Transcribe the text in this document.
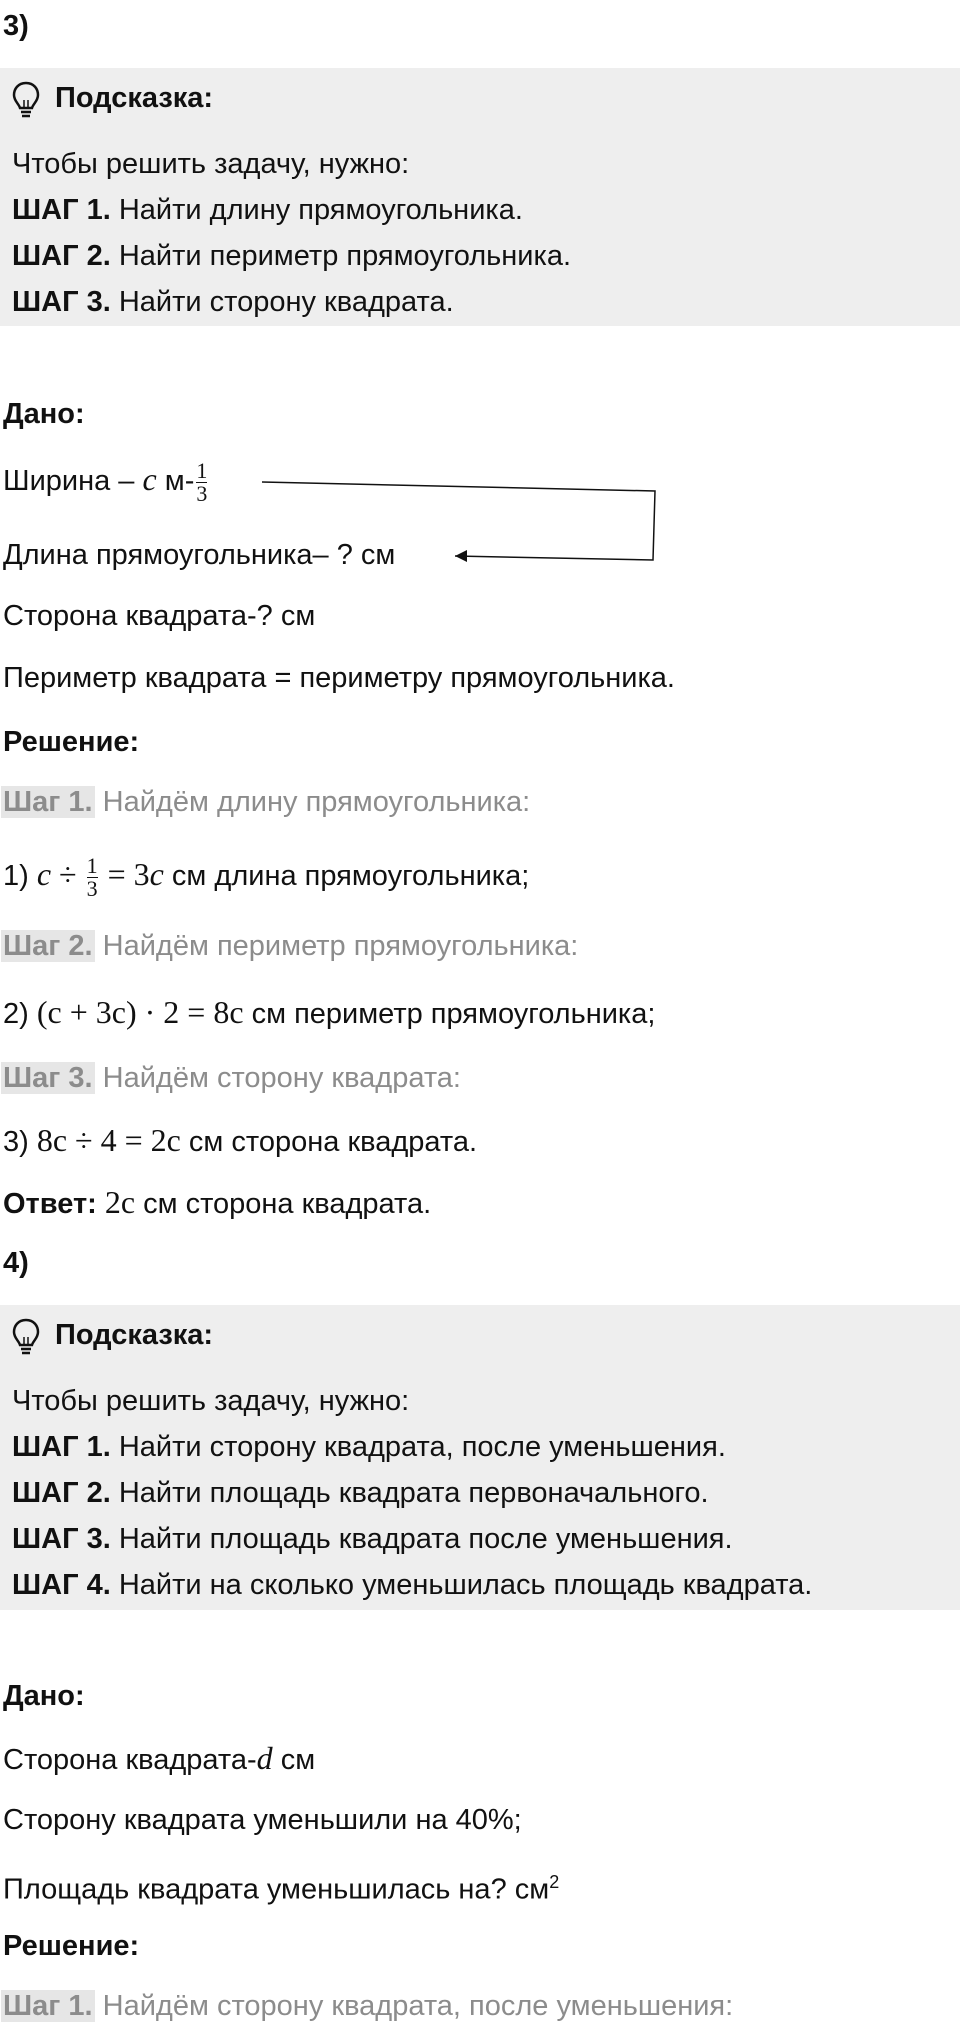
3)
Подсказка:
Чтобы решить задачу, нужно:
ШАГ 1. Найти длину прямоугольника.
ШАГ 2. Найти периметр прямоугольника.
ШАГ 3. Найти сторону квадрата.
Дано:
Ширина – c $м- \frac{1}{3}$
Длина прямоугольника– ? см
Сторона квадрата-? см
Периметр квадрата = периметру прямоугольника.
Решение:
Шаг 1. Найдём длину прямоугольника:
1) $c \div \frac{1}{3} = 3c$ см длина прямоугольника;
Шаг 2. Найдём периметр прямоугольника:
2) (c + 3c) · 2 = 8c см периметр прямоугольника;
Шаг 3. Найдём сторону квадрата:
3) 8c ÷ 4 = 2c см сторона квадрата.
Ответ: 2c см сторона квадрата.
4)
Подсказка:
Чтобы решить задачу, нужно:
ШАГ 1. Найти сторону квадрата, после уменьшения.
ШАГ 2. Найти площадь квадрата первоначального.
ШАГ 3. Найти площадь квадрата после уменьшения.
ШАГ 4. Найти на сколько уменьшилась площадь квадрата.
Дано:
Сторона квадрата-d см
Сторону квадрата уменьшили на 40%;
Площадь квадрата уменьшилась на? $см^2$
Решение:
Шаг 1. Найдём сторону квадрата, после уменьшения:
